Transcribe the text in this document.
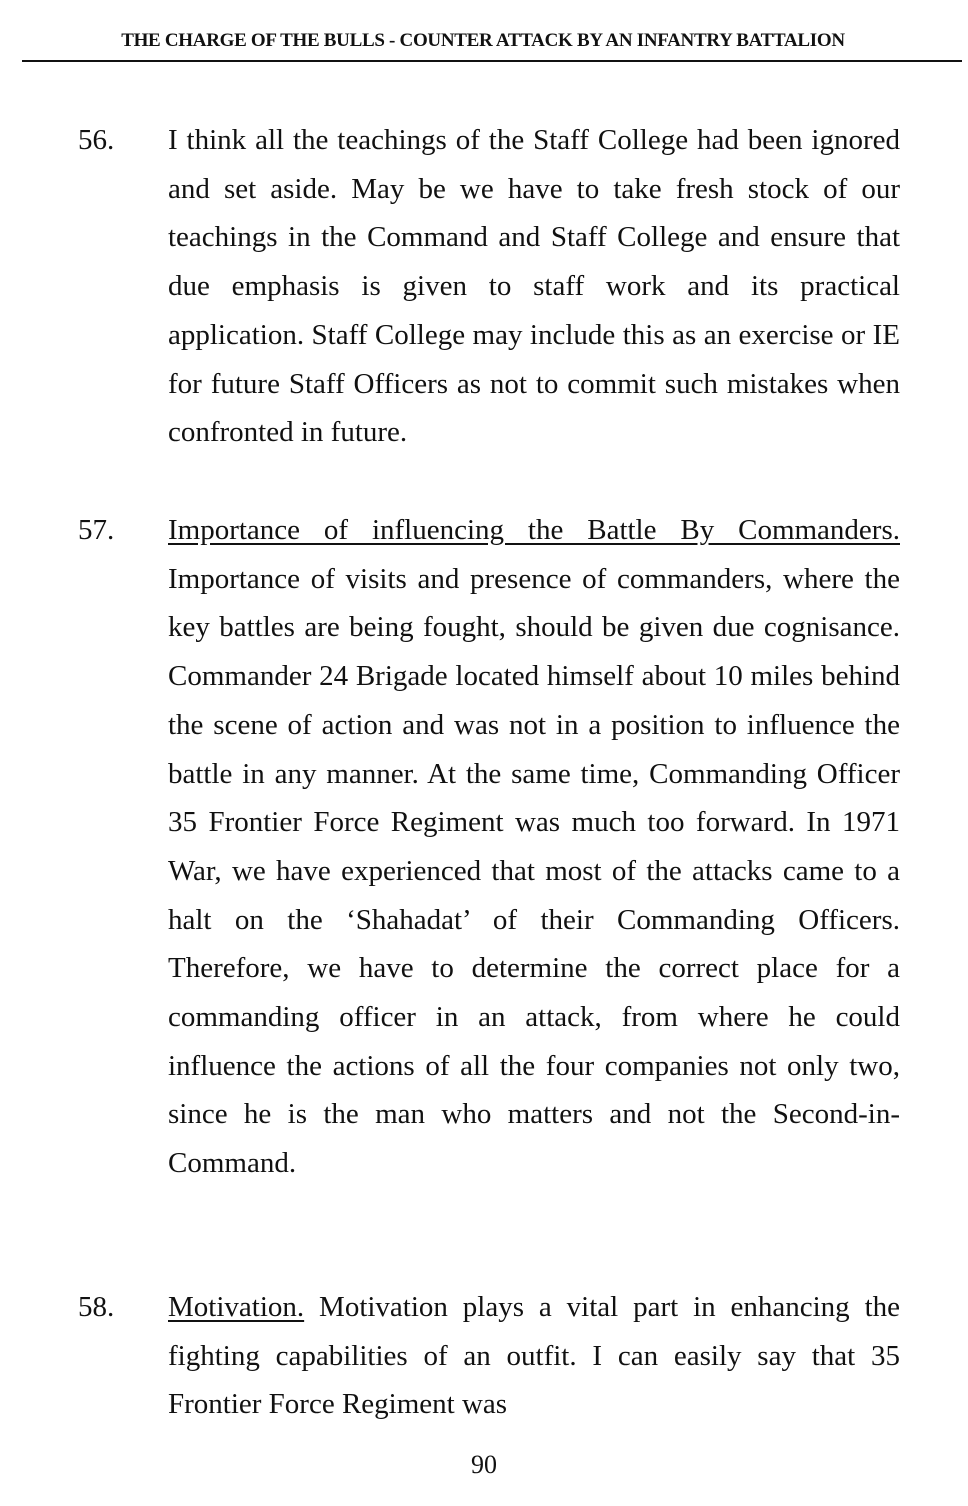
THE CHARGE OF THE BULLS - COUNTER ATTACK BY AN INFANTRY BATTALION
56. I think all the teachings of the Staff College had been ignored and set aside. May be we have to take fresh stock of our teachings in the Command and Staff College and ensure that due emphasis is given to staff work and its practical application. Staff College may include this as an exercise or IE for future Staff Officers as not to commit such mistakes when confronted in future.
57. Importance of influencing the Battle By Commanders. Importance of visits and presence of commanders, where the key battles are being fought, should be given due cognisance. Commander 24 Brigade located himself about 10 miles behind the scene of action and was not in a position to influence the battle in any manner. At the same time, Commanding Officer 35 Frontier Force Regiment was much too forward. In 1971 War, we have experienced that most of the attacks came to a halt on the ‘Shahadat’ of their Commanding Officers. Therefore, we have to determine the correct place for a commanding officer in an attack, from where he could influence the actions of all the four companies not only two, since he is the man who matters and not the Second-in-Command.
58. Motivation. Motivation plays a vital part in enhancing the fighting capabilities of an outfit. I can easily say that 35 Frontier Force Regiment was
90
